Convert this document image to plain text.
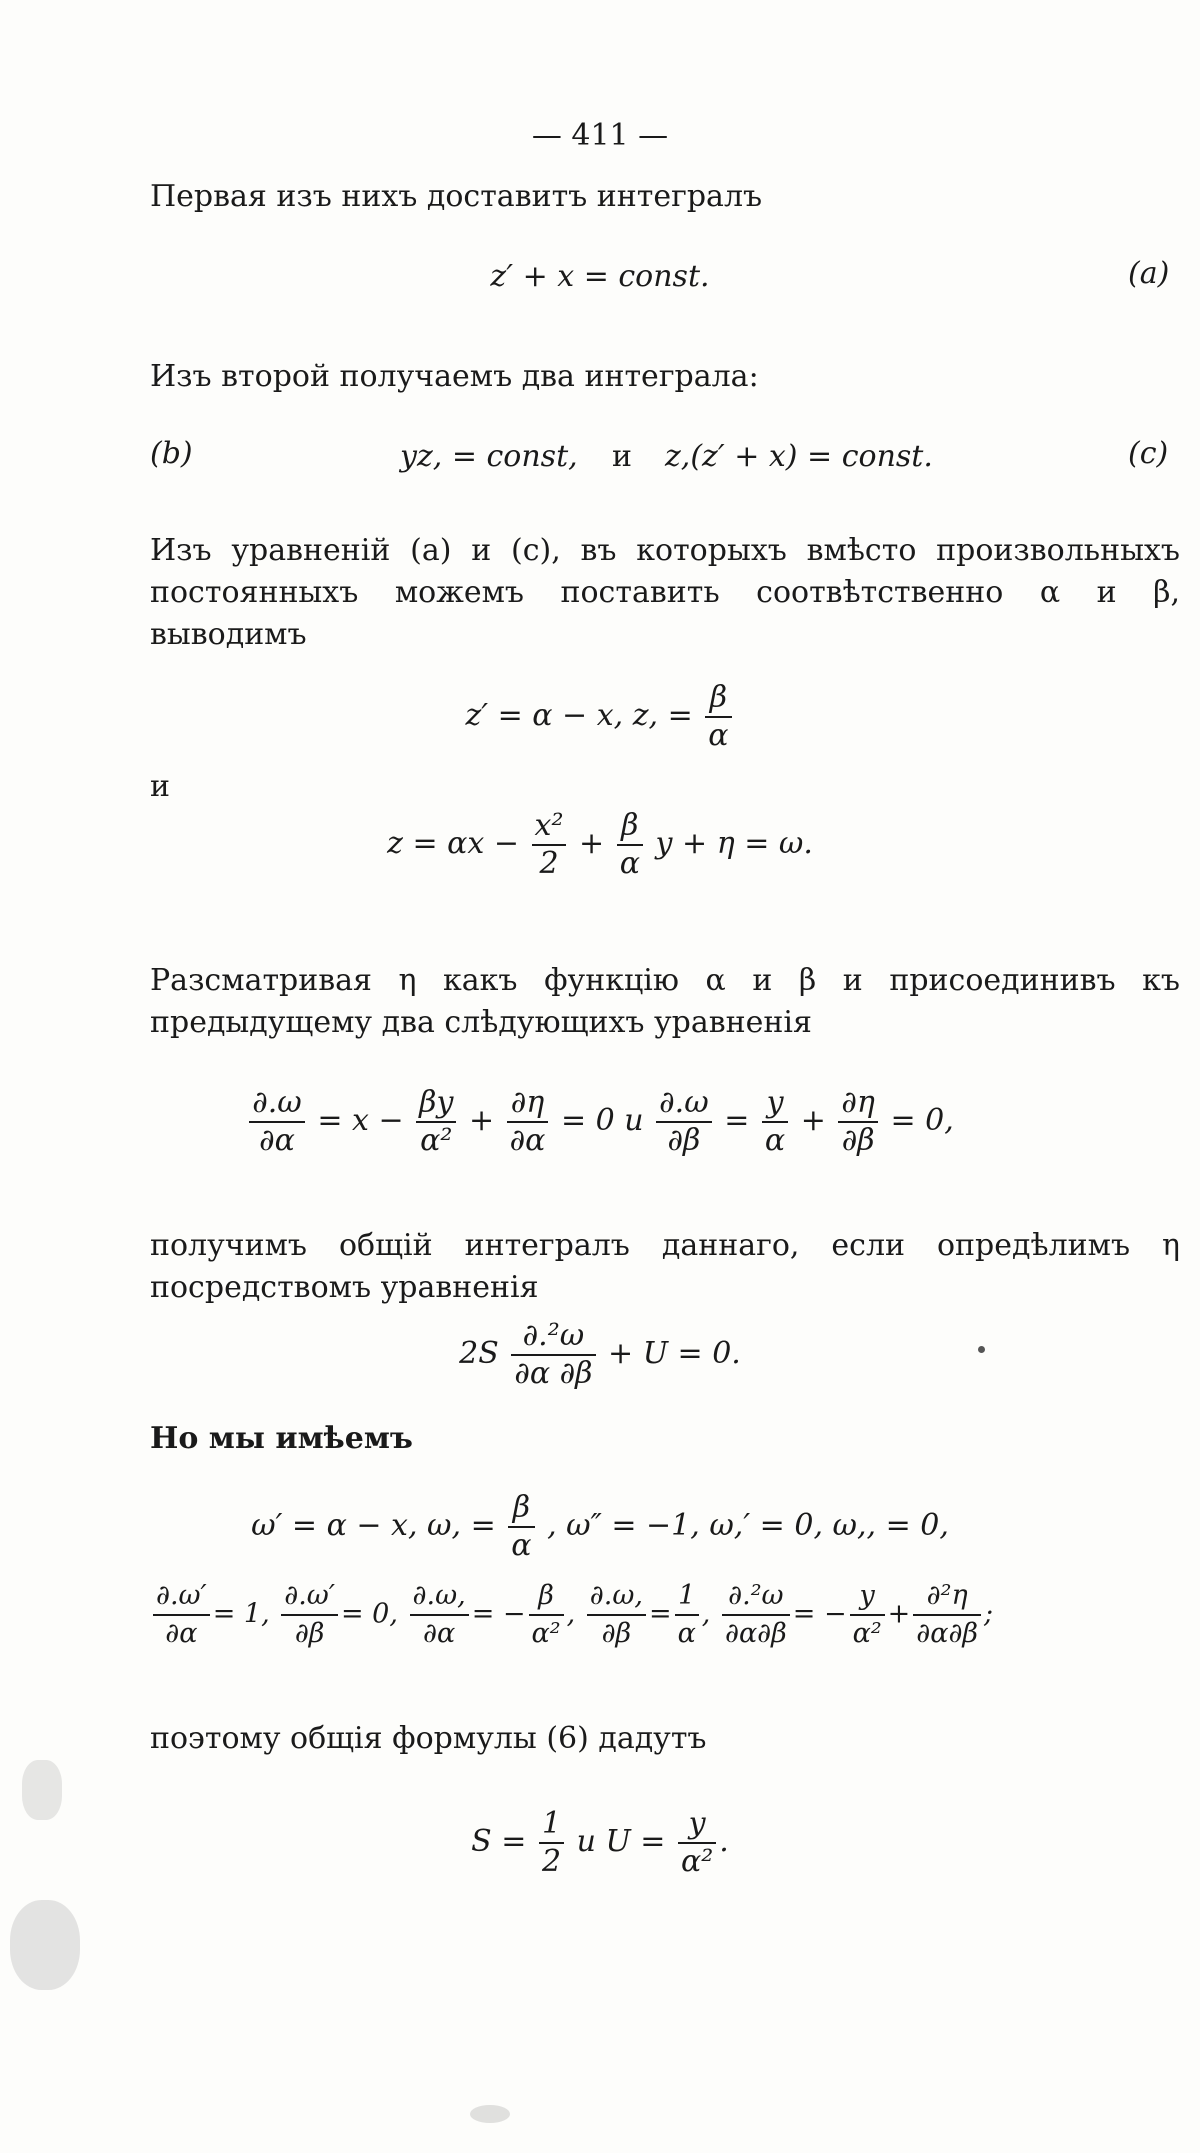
— 411 —
Первая изъ нихъ доставитъ интегралъ
z′ + x = const.	(a)
Изъ второй получаемъ два интеграла:
(b)	yz, = const, и z,(z′ + x) = const.	(c)
Изъ уравненій (a) и (c), въ которыхъ вмѣсто произвольныхъ постоянныхъ можемъ поставить соотвѣтственно α и β, выводимъ
z′ = α − x, z, = $\frac{\beta}{\alpha}$
и
$z = \alpha x - \frac{\text{x²}}{2} + \frac{\beta}{\alpha}$ y + η = ω.
Разсматривая η какъ функцію α и β и присоединивъ къ предыдущему два слѣдующихъ уравненія
$\frac{\partial.\omega}{\partial\alpha} = x - \frac{\beta y}{\text{α²}} + \frac{\partial\eta}{\partial\alpha} = 0$ и $\frac{\partial.\omega}{\partial\beta} = \frac{y}{\alpha} + \frac{\partial\eta}{\partial\beta} = 0$,
получимъ общій интегралъ даннаго, если опредѣлимъ η посредствомъ уравненія
$2S \frac{\text{∂.²ω}}{\partial\alpha \partial\beta} + U = 0$.
Но мы имѣемъ
ω′ = α − x, ω, = $\frac{\beta}{\alpha}$ , ω″ = −1, ω,′ = 0, ω,, = 0,
$\frac{\partial.\omega'}{\partial\alpha} = 1$, $\frac{\partial.\omega'}{\partial\beta} = 0$, $\frac{\partial.\omega,}{\partial\alpha}$ = − $\frac{\beta}{\text{α²}}$ , $\frac{\partial.\omega,}{\partial\beta} = \frac{1}{\alpha}$ , $\frac{\text{∂.²ω}}{\partial\alpha\partial\beta}$ = − $\frac{y}{\text{α²}} + \frac{\text{∂²η}}{\partial\alpha\partial\beta}$ ;
поэтому общія формулы (6) дадутъ
$S = \frac{1}{2}$ и $U = \frac{y}{\text{α²}}$ .
